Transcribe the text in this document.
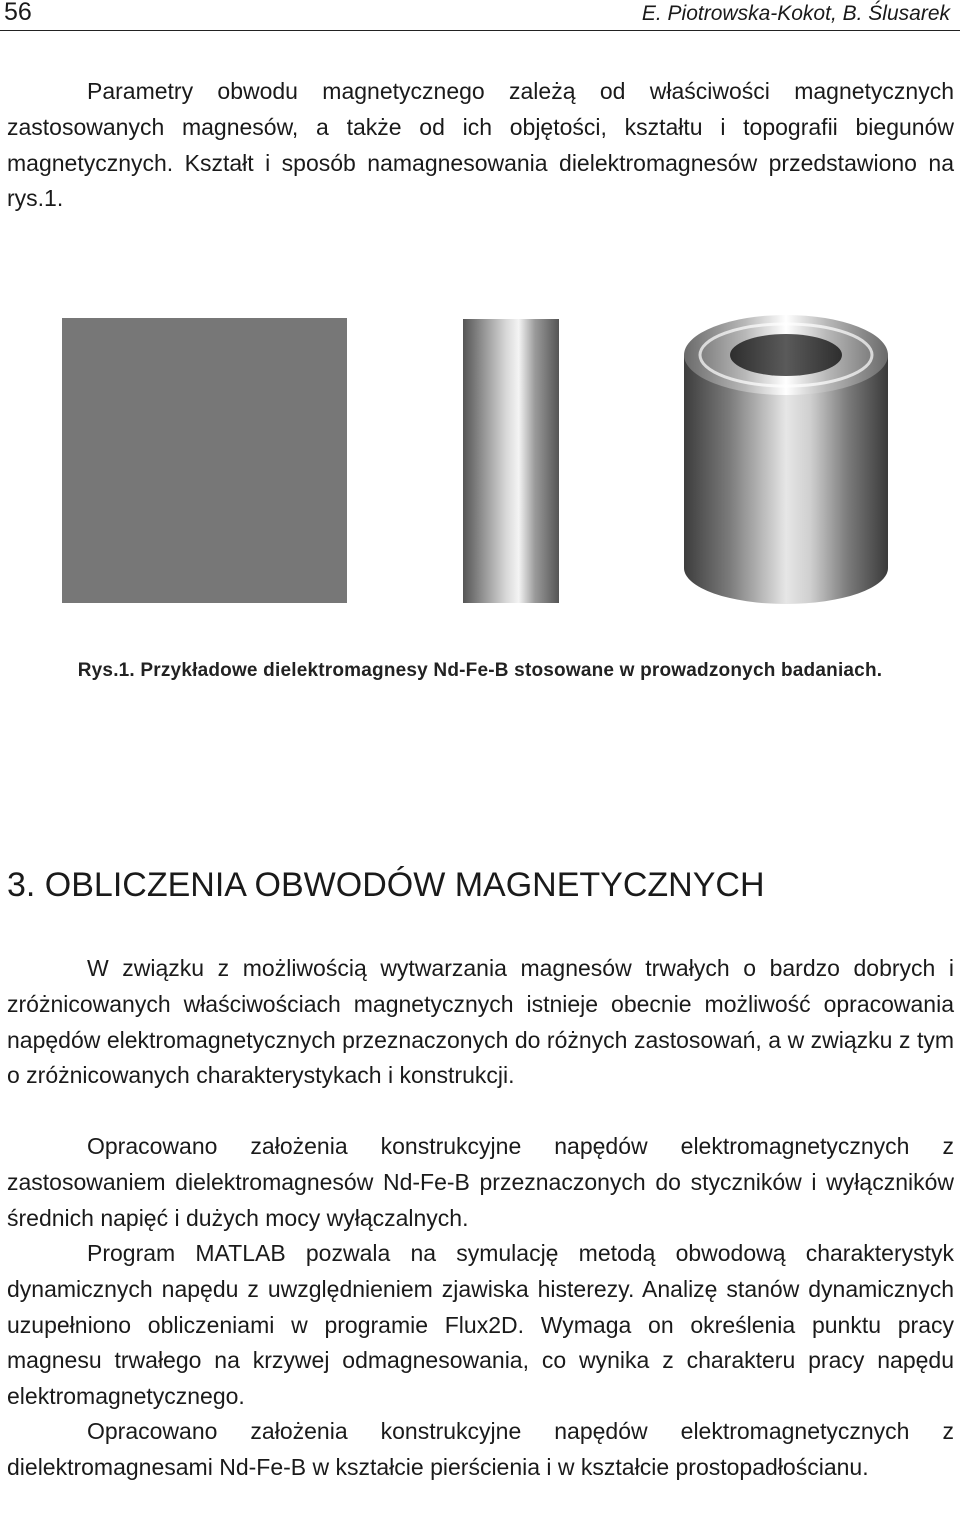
56	E. Piotrowska-Kokot, B. Ślusarek

Parametry obwodu magnetycznego zależą od właściwości magnetycznych zastosowanych magnesów, a także od ich objętości, kształtu i topografii biegunów magnetycznych. Kształt i sposób namagnesowania dielektromagnesów przedstawiono na rys.1.

Rys.1. Przykładowe dielektromagnesy Nd-Fe-B stosowane w prowadzonych badaniach.
3. OBLICZENIA OBWODÓW MAGNETYCZNYCH

W związku z możliwością wytwarzania magnesów trwałych o bardzo dobrych i zróżnicowanych właściwościach magnetycznych istnieje obecnie możliwość opracowania napędów elektromagnetycznych przeznaczonych do różnych zastosowań, a w związku z tym o zróżnicowanych charakterystykach i konstrukcji.

Opracowano założenia konstrukcyjne napędów elektromagnetycznych z zastosowaniem dielektromagnesów Nd-Fe-B przeznaczonych do styczników i wyłączników średnich napięć i dużych mocy wyłączalnych.

Program MATLAB pozwala na symulację metodą obwodową charakterystyk dynamicznych napędu z uwzględnieniem zjawiska histerezy. Analizę stanów dynamicznych uzupełniono obliczeniami w programie Flux2D. Wymaga on określenia punktu pracy magnesu trwałego na krzywej odmagnesowania, co wynika z charakteru pracy napędu elektromagnetycznego.

Opracowano założenia konstrukcyjne napędów elektromagnetycznych z dielektromagnesami Nd-Fe-B w kształcie pierścienia i w kształcie prostopadłościanu.
